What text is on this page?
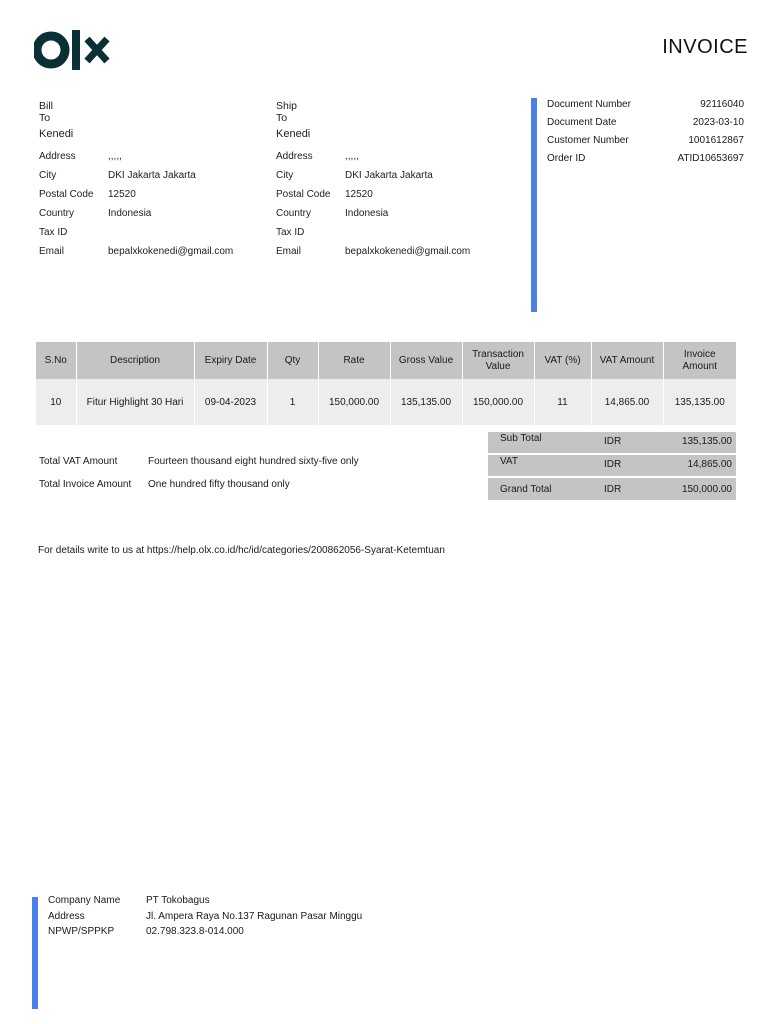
INVOICE
Bill To
Kenedi
Address	,,,,,
City	DKI Jakarta Jakarta
Postal Code 12520
Country	Indonesia
Tax ID
Email	bepalxkokenedi@gmail.com
Ship To
Kenedi
Address	,,,,,
City	DKI Jakarta Jakarta
Postal Code 12520
Country	Indonesia
Tax ID
Email	bepalxkokenedi@gmail.com
Document Number	92116040
Document Date	2023-03-10
Customer Number	1001612867
Order ID	ATID10653697
S.No	Description	Expiry Date	Qty	Rate	Gross Value	Transaction Value	VAT (%)	VAT Amount	Invoice Amount
10	Fitur Highlight 30 Hari	09-04-2023	1	150,000.00	135,135.00	150,000.00	11	14,865.00	135,135.00
Total VAT Amount	Fourteen thousand eight hundred sixty-five only
Total Invoice Amount One hundred fifty thousand only
Sub Total	IDR	135,135.00
VAT	IDR	14,865.00
Grand Total	IDR	150,000.00
For details write to us at https://help.olx.co.id/hc/id/categories/200862056-Syarat-Ketemtuan
Company Name	PT Tokobagus
Address	Jl. Ampera Raya No.137 Ragunan Pasar Minggu
NPWP/SPPKP	02.798.323.8-014.000
